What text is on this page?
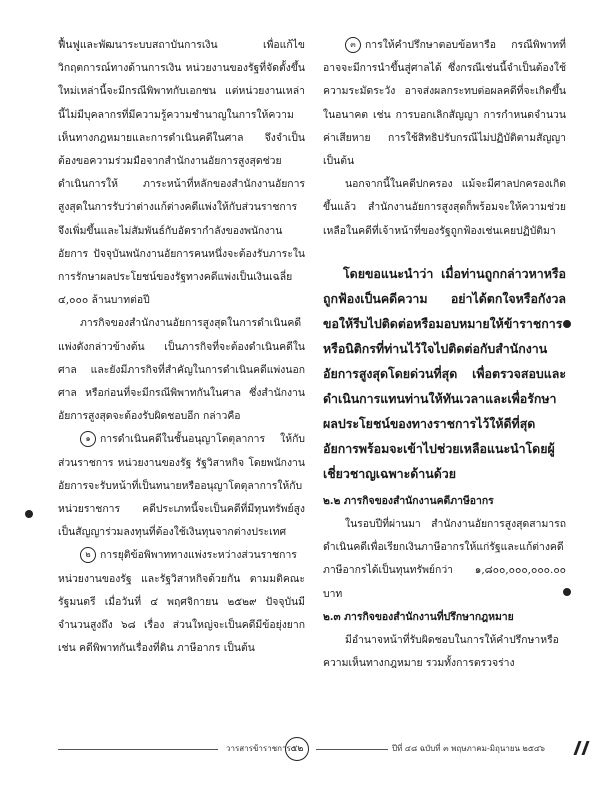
ฟื้นฟูและพัฒนาระบบสถาบันการเงิน เพื่อแก้ไขวิกฤตการณ์ทางด้านการเงิน หน่วยงานของรัฐที่จัดตั้งขึ้นใหม่เหล่านี้จะมีกรณีพิพาทกับเอกชน แต่หน่วยงานเหล่านี้ไม่มีบุคลากรที่มีความรู้ความชำนาญในการให้ความเห็นทางกฎหมายและการดำเนินคดีในศาล จึงจำเป็นต้องขอความร่วมมือจากสำนักงานอัยการสูงสุดช่วยดำเนินการให้ ภาระหน้าที่หลักของสำนักงานอัยการสูงสุดในการรับว่าต่างแก้ต่างคดีแพ่งให้กับส่วนราชการจึงเพิ่มขึ้นและไม่สัมพันธ์กับอัตรากำลังของพนักงานอัยการ ปัจจุบันพนักงานอัยการคนหนึ่งจะต้องรับภาระในการรักษาผลประโยชน์ของรัฐทางคดีแพ่งเป็นเงินเฉลี่ย ๔,๐๐๐ ล้านบาทต่อปี

ภารกิจของสำนักงานอัยการสูงสุดในการดำเนินคดีแพ่งดังกล่าวข้างต้น เป็นภารกิจที่จะต้องดำเนินคดีในศาล และยังมีภารกิจที่สำคัญในการดำเนินคดีแพ่งนอกศาล หรือก่อนที่จะมีกรณีพิพาทกันในศาล ซึ่งสำนักงานอัยการสูงสุดจะต้องรับผิดชอบอีก กล่าวคือ

๑ การดำเนินคดีในชั้นอนุญาโตตุลาการ ให้กับส่วนราชการ หน่วยงานของรัฐ รัฐวิสาหกิจ โดยพนักงานอัยการจะรับหน้าที่เป็นทนายหรืออนุญาโตตุลาการให้กับหน่วยราชการ คดีประเภทนี้จะเป็นคดีที่มีทุนทรัพย์สูง เป็นสัญญาร่วมลงทุนที่ต้องใช้เงินทุนจากต่างประเทศ

๒ การยุติข้อพิพาททางแพ่งระหว่างส่วนราชการ หน่วยงานของรัฐ และรัฐวิสาหกิจด้วยกัน ตามมติคณะรัฐมนตรี เมื่อวันที่ ๔ พฤศจิกายน ๒๕๒๙ ปัจจุบันมีจำนวนสูงถึง ๖๘ เรื่อง ส่วนใหญ่จะเป็นคดีมีข้อยุ่งยาก เช่น คดีพิพาทกันเรื่องที่ดิน ภาษีอากร เป็นต้น

๓ การให้คำปรึกษาตอบข้อหารือ กรณีพิพาทที่อาจจะมีการนำขึ้นสู่ศาลได้ ซึ่งกรณีเช่นนี้จำเป็นต้องใช้ความระมัดระวัง อาจส่งผลกระทบต่อผลคดีที่จะเกิดขึ้นในอนาคต เช่น การบอกเลิกสัญญา การกำหนดจำนวนค่าเสียหาย การใช้สิทธิปรับกรณีไม่ปฏิบัติตามสัญญา เป็นต้น

นอกจากนี้ในคดีปกครอง แม้จะมีศาลปกครองเกิดขึ้นแล้ว สำนักงานอัยการสูงสุดก็พร้อมจะให้ความช่วยเหลือในคดีที่เจ้าหน้าที่ของรัฐถูกฟ้องเช่นเคยปฏิบัติมา

โดยขอแนะนำว่า เมื่อท่านถูกกล่าวหาหรือถูกฟ้องเป็นคดีความ อย่าได้ตกใจหรือกังวล ขอให้รีบไปติดต่อหรือมอบหมายให้ข้าราชการหรือนิติกรที่ท่านไว้ใจไปติดต่อกับสำนักงานอัยการสูงสุดโดยด่วนที่สุด เพื่อตรวจสอบและดำเนินการแทนท่านให้ทันเวลาและเพื่อรักษาผลประโยชน์ของทางราชการไว้ให้ดีที่สุด อัยการพร้อมจะเข้าไปช่วยเหลือแนะนำโดยผู้เชี่ยวชาญเฉพาะด้านด้วย

๒.๒ ภารกิจของสำนักงานคดีภาษีอากร

ในรอบปีที่ผ่านมา สำนักงานอัยการสูงสุดสามารถดำเนินคดีเพื่อเรียกเงินภาษีอากรให้แก่รัฐและแก้ต่างคดีภาษีอากรได้เป็นทุนทรัพย์กว่า ๑,๘๐๐,๐๐๐,๐๐๐.๐๐ บาท

๒.๓ ภารกิจของสำนักงานที่ปรึกษากฎหมาย

มีอำนาจหน้าที่รับผิดชอบในการให้คำปรึกษาหรือความเห็นทางกฎหมาย รวมทั้งการตรวจร่าง

วารสารข้าราชการ	ปีที่ ๔๘ ฉบับที่ ๓ พฤษภาคม-มิถุนายน ๒๕๔๖
๕๒
